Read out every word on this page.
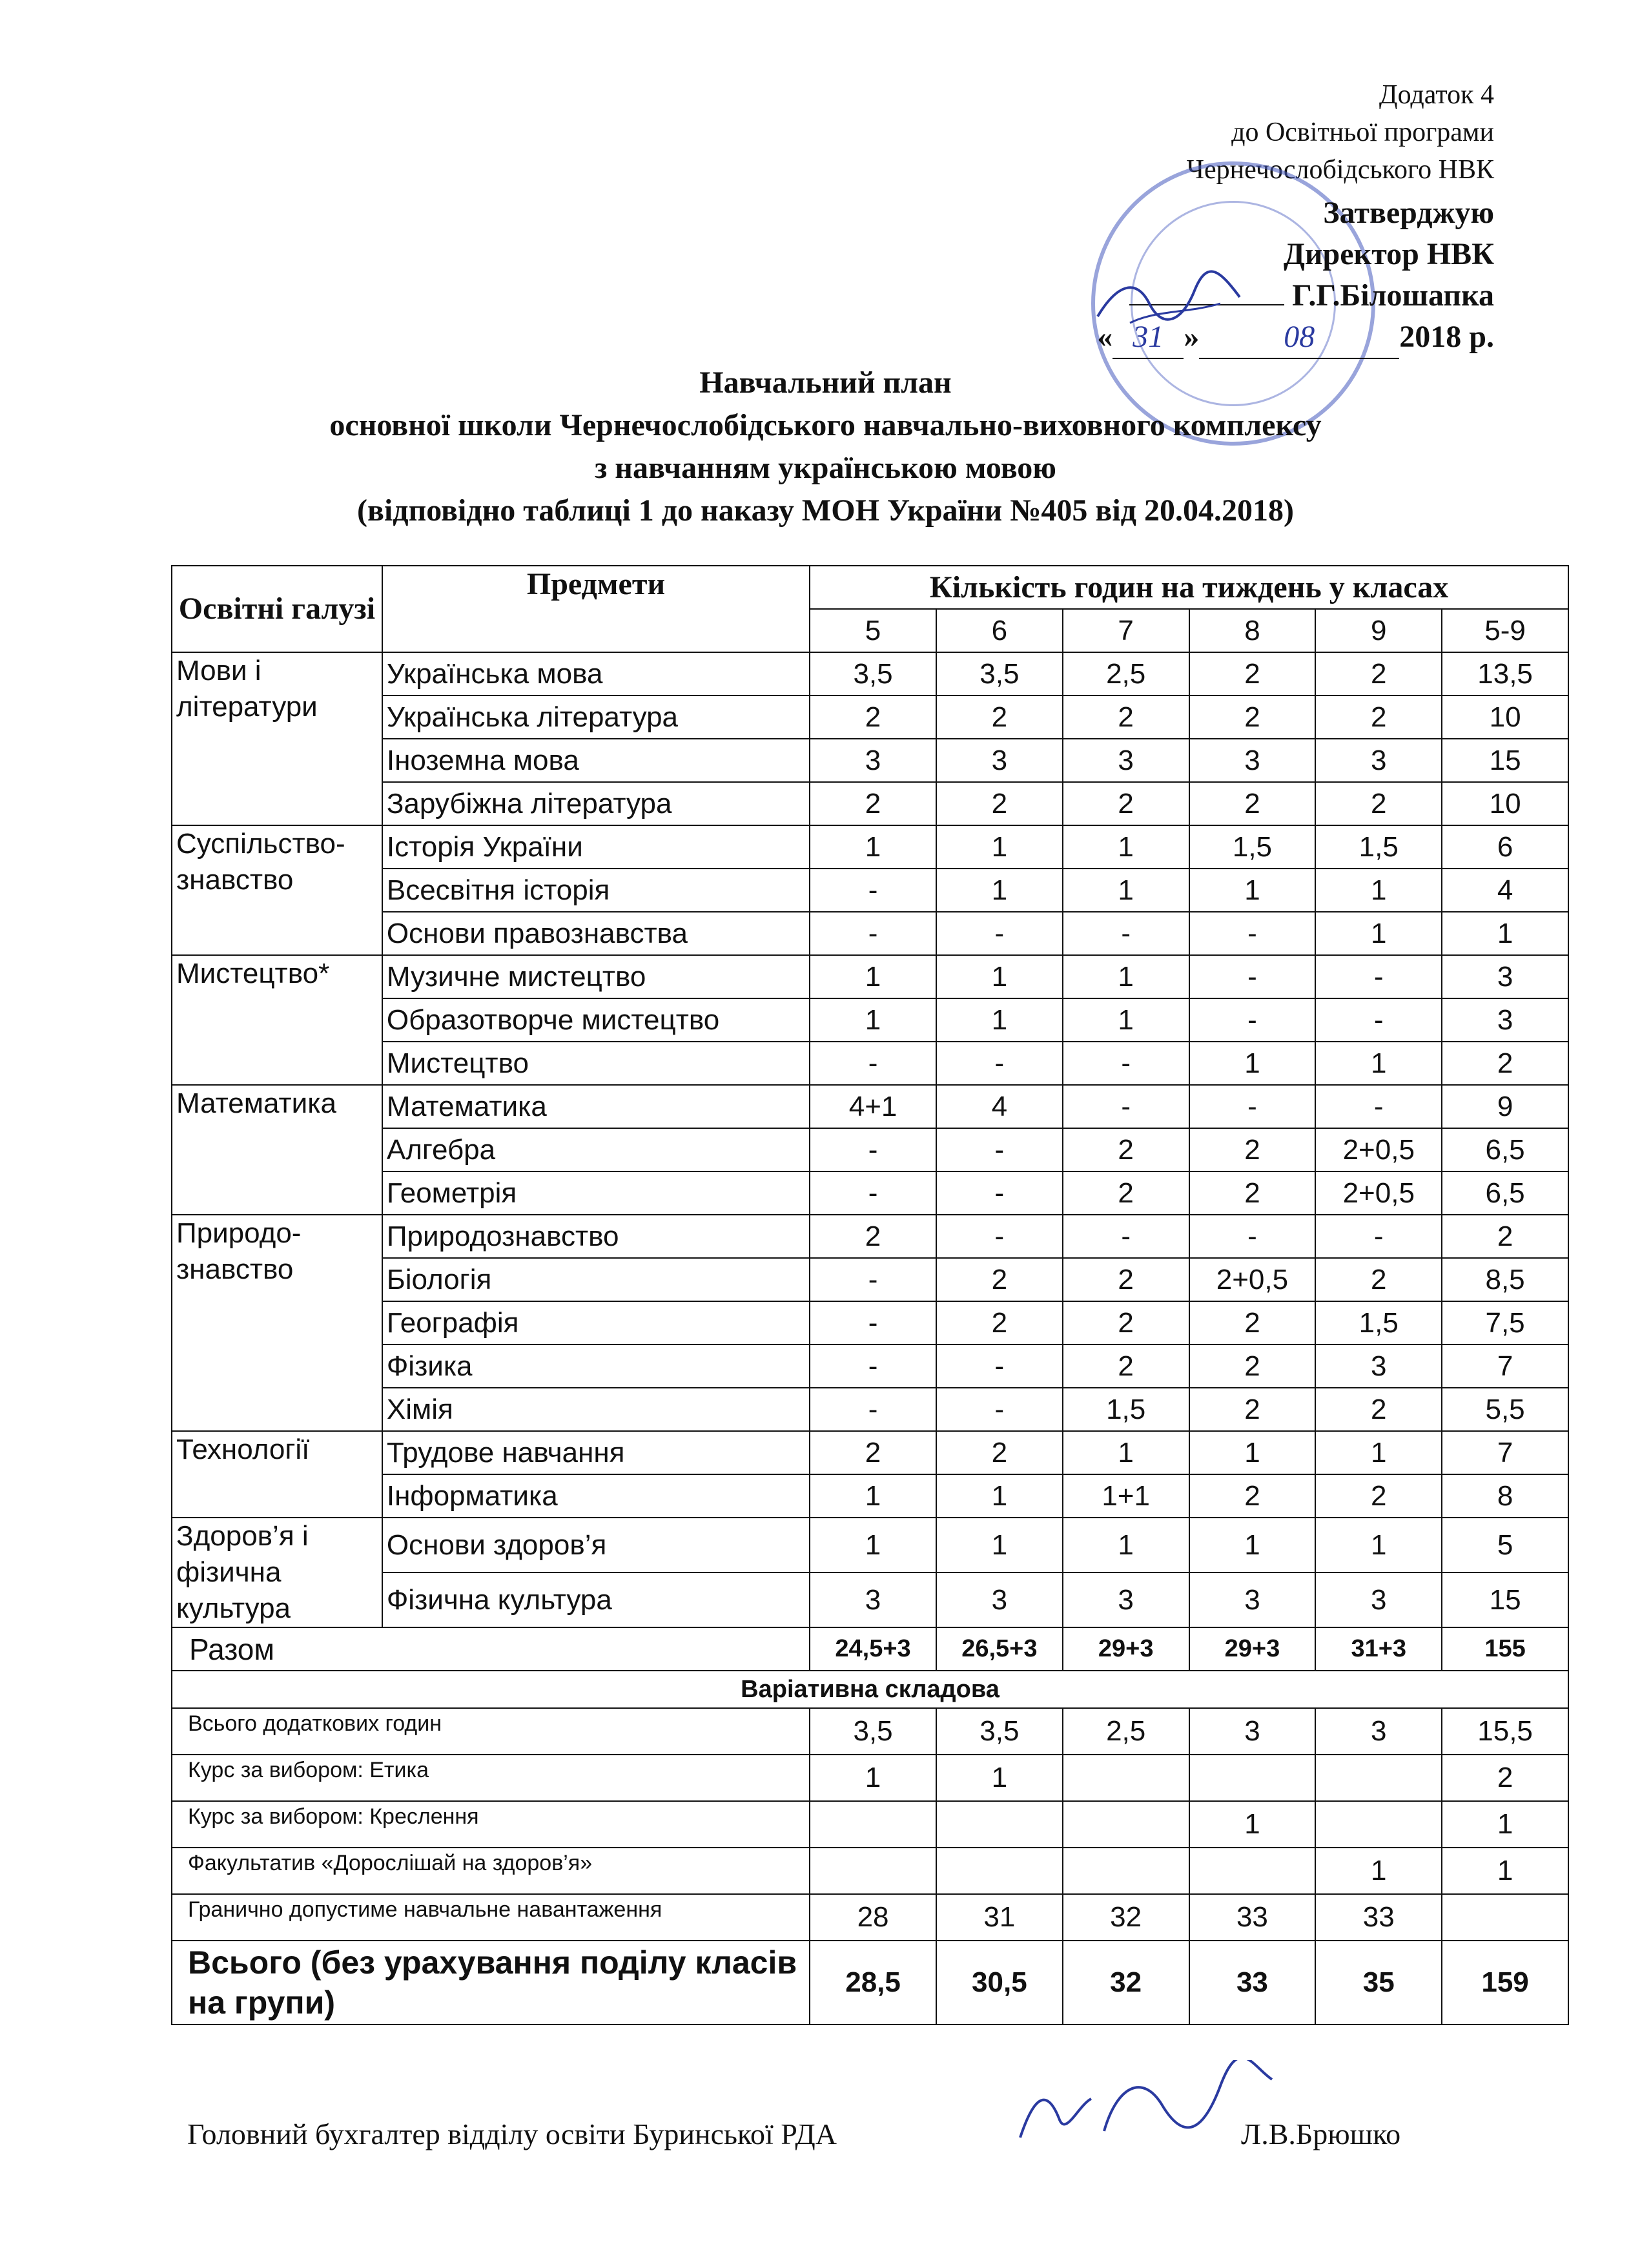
Додаток 4
до Освітньої програми
Чернечослобідського НВК
Затверджую
Директор НВК
Г.Г.Білошапка
« 31 »	08	2018 р.
Навчальний план
основної школи Чернечослобідського навчально-виховного комплексу
з навчанням українською мовою
(відповідно таблиці 1 до наказу МОН України №405 від 20.04.2018)
Освітні галузі	Предмети	Кількість годин на тиждень у класах					
		5	6	7	8	9	5-9
Мови і літератури	Українська мова	3,5	3,5	2,5	2	2	13,5
	Українська література	2	2	2	2	2	10
	Іноземна мова	3	3	3	3	3	15
	Зарубіжна література	2	2	2	2	2	10
Суспільство-знавство	Історія України	1	1	1	1,5	1,5	6
	Всесвітня історія	-	1	1	1	1	4
	Основи правознавства	-	-	-	-	1	1
Мистецтво*	Музичне мистецтво	1	1	1	-	-	3
	Образотворче мистецтво	1	1	1	-	-	3
	Мистецтво	-	-	-	1	1	2
Математика	Математика	4+1	4	-	-	-	9
	Алгебра	-	-	2	2	2+0,5	6,5
	Геометрія	-	-	2	2	2+0,5	6,5
Природо-знавство	Природознавство	2	-	-	-	-	2
	Біологія	-	2	2	2+0,5	2	8,5
	Географія	-	2	2	2	1,5	7,5
	Фізика	-	-	2	2	3	7
	Хімія	-	-	1,5	2	2	5,5
Технології	Трудове навчання	2	2	1	1	1	7
	Інформатика	1	1	1+1	2	2	8
Здоров’я і фізична культура	Основи здоров’я	1	1	1	1	1	5
	Фізична культура	3	3	3	3	3	15
Разом		24,5+3	26,5+3	29+3	29+3	31+3	155
Варіативна складова							
Всього додаткових годин		3,5	3,5	2,5	3	3	15,5
Курс за вибором: Етика		1	1				2
Курс за вибором: Креслення					1		1
Факультатив «Дорослішай на здоров’я»						1	1
Гранично допустиме навчальне навантаження		28	31	32	33	33	
Всього (без урахування поділу класів на групи)		28,5	30,5	32	33	35	159
Головний бухгалтер відділу освіти Буринської РДА	Л.В.Брюшко
